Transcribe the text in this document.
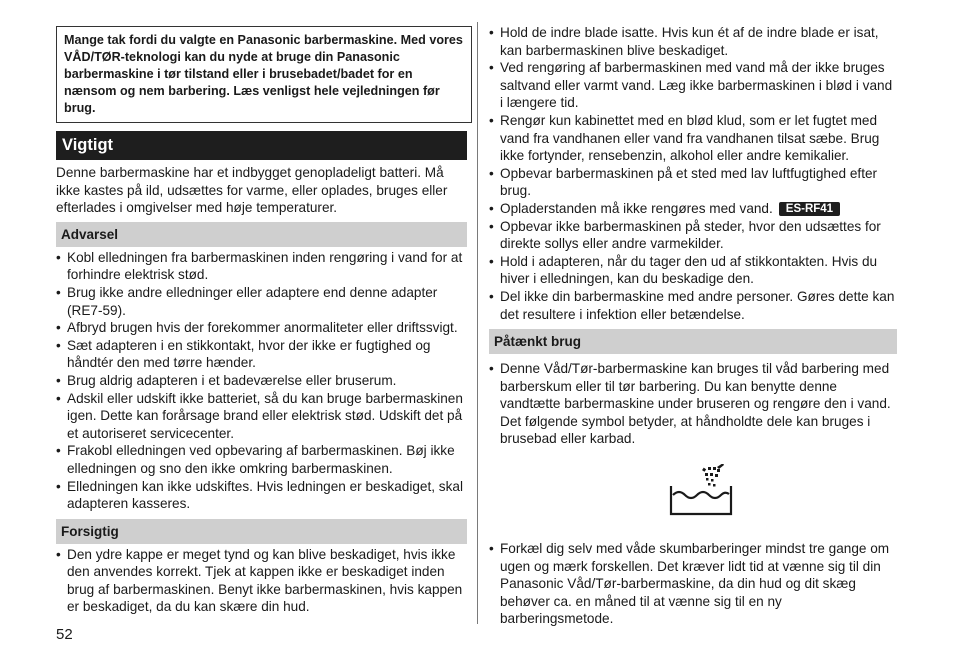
Mange tak fordi du valgte en Panasonic barbermaskine. Med vores VÅD/TØR-teknologi kan du nyde at bruge din Panasonic barbermaskine i tør tilstand eller i brusebadet/badet for en nænsom og nem barbering. Læs venligst hele vejledningen før brug.
Vigtigt

Denne barbermaskine har et indbygget genopladeligt batteri. Må ikke kastes på ild, udsættes for varme, eller oplades, bruges eller efterlades i omgivelser med høje temperaturer.

Advarsel
• Kobl elledningen fra barbermaskinen inden rengøring i vand for at forhindre elektrisk stød.
• Brug ikke andre elledninger eller adaptere end denne adapter (RE7-59).
• Afbryd brugen hvis der forekommer anormaliteter eller driftssvigt.
• Sæt adapteren i en stikkontakt, hvor der ikke er fugtighed og håndtér den med tørre hænder.
• Brug aldrig adapteren i et badeværelse eller bruserum.
• Adskil eller udskift ikke batteriet, så du kan bruge barbermaskinen igen. Dette kan forårsage brand eller elektrisk stød. Udskift det på et autoriseret servicecenter.
• Frakobl elledningen ved opbevaring af barbermaskinen. Bøj ikke elledningen og sno den ikke omkring barbermaskinen.
• Elledningen kan ikke udskiftes. Hvis ledningen er beskadiget, skal adapteren kasseres.
Forsigtig
• Den ydre kappe er meget tynd og kan blive beskadiget, hvis ikke den anvendes korrekt. Tjek at kappen ikke er beskadiget inden brug af barbermaskinen. Benyt ikke barbermaskinen, hvis kappen er beskadiget, da du kan skære din hud.
• Hold de indre blade isatte. Hvis kun ét af de indre blade er isat, kan barbermaskinen blive beskadiget.
• Ved rengøring af barbermaskinen med vand må der ikke bruges saltvand eller varmt vand. Læg ikke barbermaskinen i blød i vand i længere tid.
• Rengør kun kabinettet med en blød klud, som er let fugtet med vand fra vandhanen eller vand fra vandhanen tilsat sæbe. Brug ikke fortynder, rensebenzin, alkohol eller andre kemikalier.
• Opbevar barbermaskinen på et sted med lav luftfugtighed efter brug.
• Opladerstanden må ikke rengøres med vand. ES-RF41
• Opbevar ikke barbermaskinen på steder, hvor den udsættes for direkte sollys eller andre varmekilder.
• Hold i adapteren, når du tager den ud af stikkontakten. Hvis du hiver i elledningen, kan du beskadige den.
• Del ikke din barbermaskine med andre personer. Gøres dette kan det resultere i infektion eller betændelse.
Påtænkt brug
• Denne Våd/Tør-barbermaskine kan bruges til våd barbering med barberskum eller til tør barbering. Du kan benytte denne vandtætte barbermaskine under bruseren og rengøre den i vand. Det følgende symbol betyder, at håndholdte dele kan bruges i brusebad eller karbad.
• Forkæl dig selv med våde skumbarberinger mindst tre gange om ugen og mærk forskellen. Det kræver lidt tid at vænne sig til din Panasonic Våd/Tør-barbermaskine, da din hud og dit skæg behøver ca. en måned til at vænne sig til en ny barberingsmetode.
52
